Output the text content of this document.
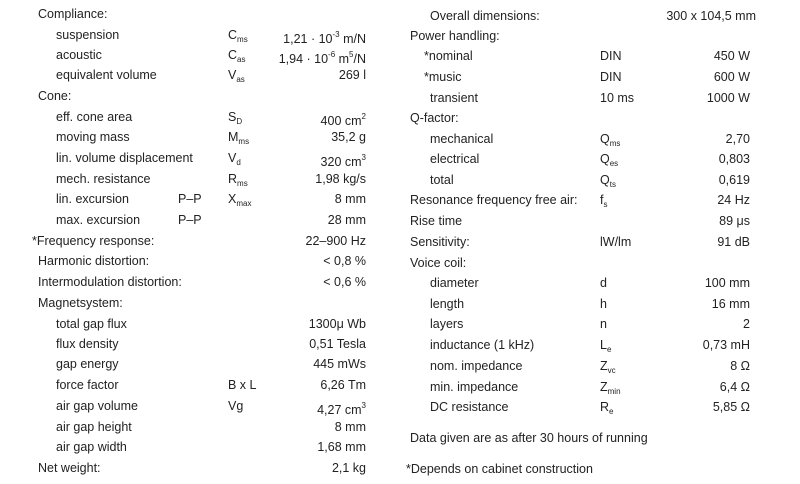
Compliance:
suspension	$C_{ms}$	$1,21 \cdot 10^{-3}$ m/N
acoustic	$C_{as}$	$1,94 \cdot 10^{-6}$ $m^5/N$
equivalent volume	$V_{as}$	269 l
Cone:
eff. cone area	$S_D$	400 $cm^2$
moving mass	$M_{ms}$	35,2 g
lin. volume displacement	$V_d$	320 $cm^3$
mech. resistance	$R_{ms}$	1,98 kg/s
lin. excursion	P–P $X_{max}$	8 mm
max. excursion	P–P	28 mm
*Frequency response:	22–900 Hz
Harmonic distortion:	< 0,8 %
Intermodulation distortion:	< 0,6 %
Magnetsystem:
total gap flux	1300μ Wb
flux density	0,51 Tesla
gap energy	445 mWs
force factor	B x L	6,26 Tm
air gap volume	Vg	4,27 $cm^3$
air gap height	8 mm
air gap width	1,68 mm
Net weight:	2,1 kg
Overall dimensions:	300 x 104,5 mm
Power handling:
*nominal	DIN	450 W
*music	DIN	600 W
transient	10 ms	1000 W
Q-factor:
mechanical	$Q_{ms}$	2,70
electrical	$Q_{es}$	0,803
total	$Q_{ts}$	0,619
Resonance frequency free air: $f_s$	24 Hz
Rise time	89 μs
Sensitivity:	lW/lm	91 dB
Voice coil:
diameter	d	100 mm
length	h	16 mm
layers	n	2
inductance (1 kHz)	$L_e$	0,73 mH
nom. impedance	$Z_{vc}$	8 Ω
min. impedance	$Z_{min}$	6,4 Ω
DC resistance	$R_e$	5,85 Ω
Data given are as after 30 hours of running
*Depends on cabinet construction
